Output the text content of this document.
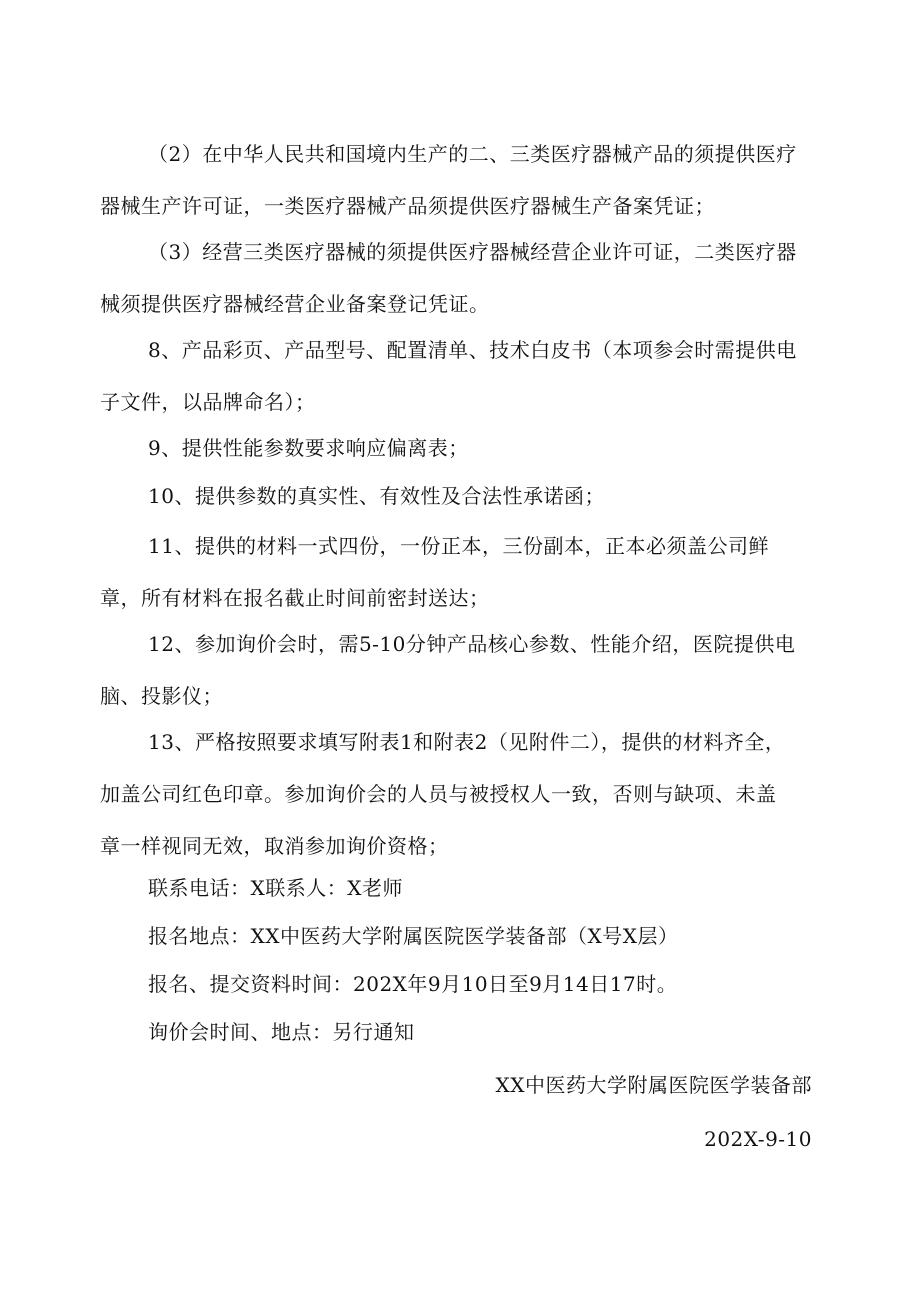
（2）在中华人民共和国境内生产的二、三类医疗器械产品的须提供医疗
器械生产许可证，一类医疗器械产品须提供医疗器械生产备案凭证；
（3）经营三类医疗器械的须提供医疗器械经营企业许可证，二类医疗器
械须提供医疗器械经营企业备案登记凭证。
8、产品彩页、产品型号、配置清单、技术白皮书（本项参会时需提供电
子文件，以品牌命名）；
9、提供性能参数要求响应偏离表；
10、提供参数的真实性、有效性及合法性承诺函；
11、提供的材料一式四份，一份正本，三份副本，正本必须盖公司鲜
章，所有材料在报名截止时间前密封送达；
12、参加询价会时，需5-10分钟产品核心参数、性能介绍，医院提供电
脑、投影仪；
13、严格按照要求填写附表1和附表2（见附件二），提供的材料齐全，
加盖公司红色印章。参加询价会的人员与被授权人一致，否则与缺项、未盖
章一样视同无效，取消参加询价资格；
联系电话：X联系人：X老师
报名地点：XX中医药大学附属医院医学装备部（X号X层）
报名、提交资料时间：202X年9月10日至9月14日17时。
询价会时间、地点：另行通知
XX中医药大学附属医院医学装备部
202X-9-10
